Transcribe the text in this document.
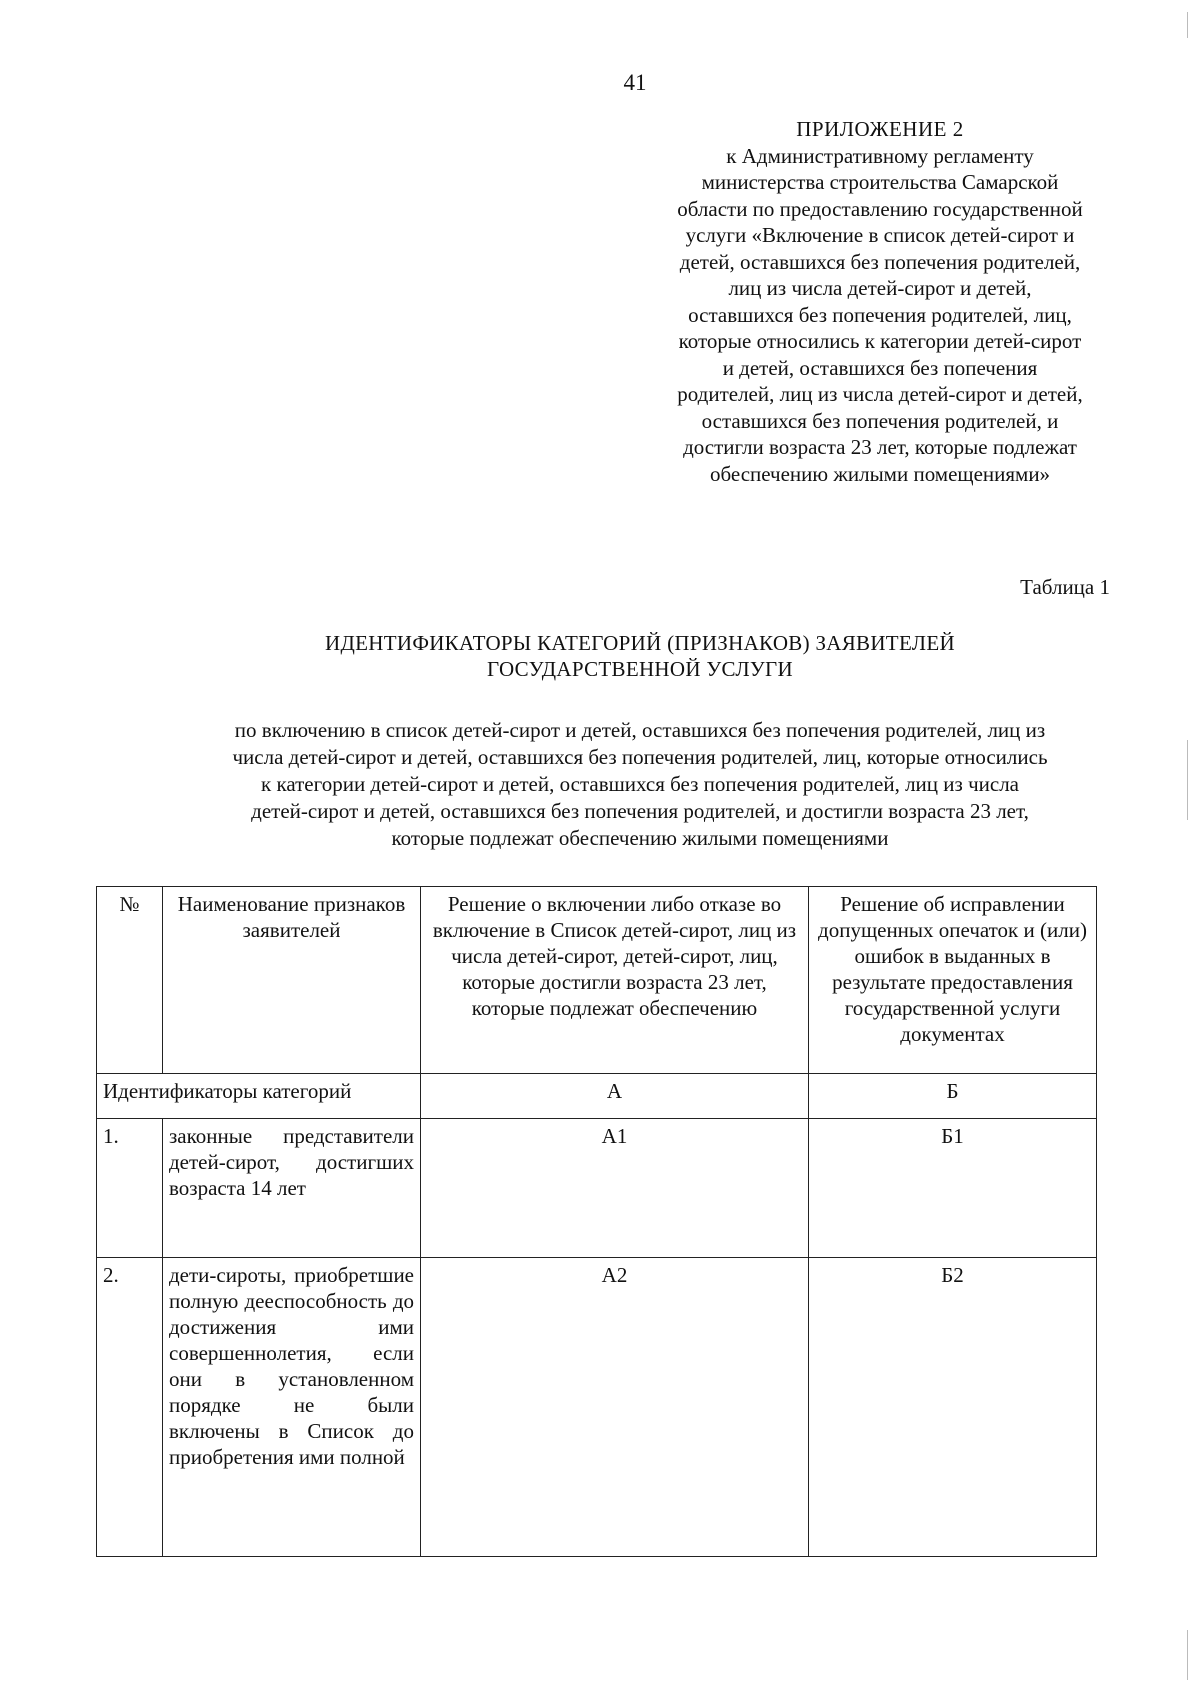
41
ПРИЛОЖЕНИЕ 2
к Административному регламенту
министерства строительства Самарской
области по предоставлению государственной
услуги «Включение в список детей-сирот и
детей, оставшихся без попечения родителей,
лиц из числа детей-сирот и детей,
оставшихся без попечения родителей, лиц,
которые относились к категории детей-сирот
и детей, оставшихся без попечения
родителей, лиц из числа детей-сирот и детей,
оставшихся без попечения родителей, и
достигли возраста 23 лет, которые подлежат
обеспечению жилыми помещениями»
Таблица 1
ИДЕНТИФИКАТОРЫ КАТЕГОРИЙ (ПРИЗНАКОВ) ЗАЯВИТЕЛЕЙ
ГОСУДАРСТВЕННОЙ УСЛУГИ
по включению в список детей-сирот и детей, оставшихся без попечения родителей, лиц из
числа детей-сирот и детей, оставшихся без попечения родителей, лиц, которые относились
к категории детей-сирот и детей, оставшихся без попечения родителей, лиц из числа
детей-сирот и детей, оставшихся без попечения родителей, и достигли возраста 23 лет,
которые подлежат обеспечению жилыми помещениями
№	Наименование признаков заявителей	Решение о включении либо отказе во включение в Список детей-сирот, лиц из числа детей-сирот, детей-сирот, лиц, которые достигли возраста 23 лет, которые подлежат обеспечению	Решение об исправлении допущенных опечаток и (или) ошибок в выданных в результате предоставления государственной услуги документах
Идентификаторы категорий		А	Б
1.	законные представители детей-сирот, достигших возраста 14 лет	А1	Б1
2.	дети-сироты, приобретшие полную дееспособность до достижения ими совершеннолетия, если они в установленном порядке не были включены в Список до приобретения ими полной	А2	Б2
